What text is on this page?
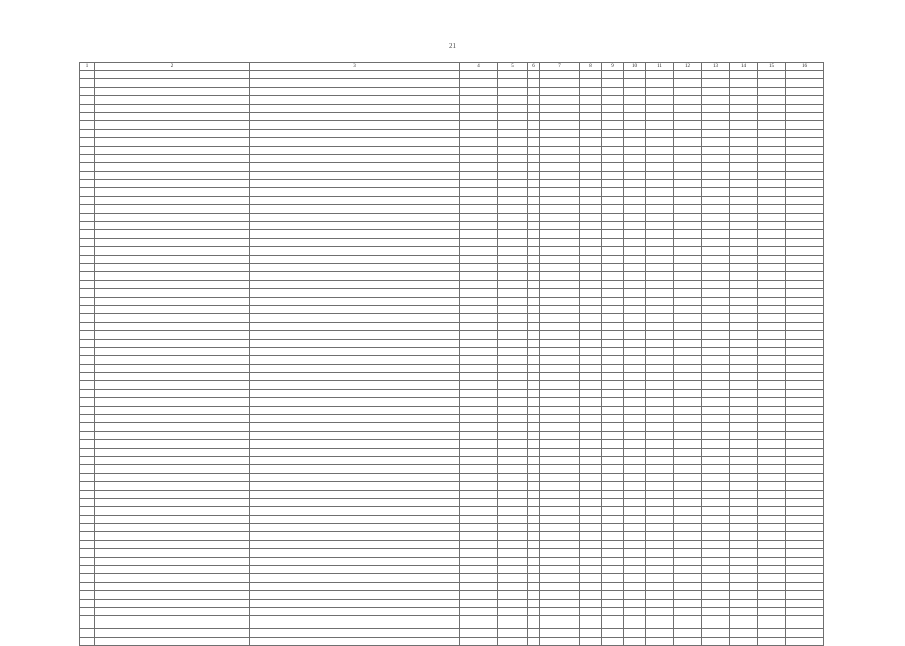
21
1	2	3	4	5	6	7	8	9	10	11	12	13	14	15	16
